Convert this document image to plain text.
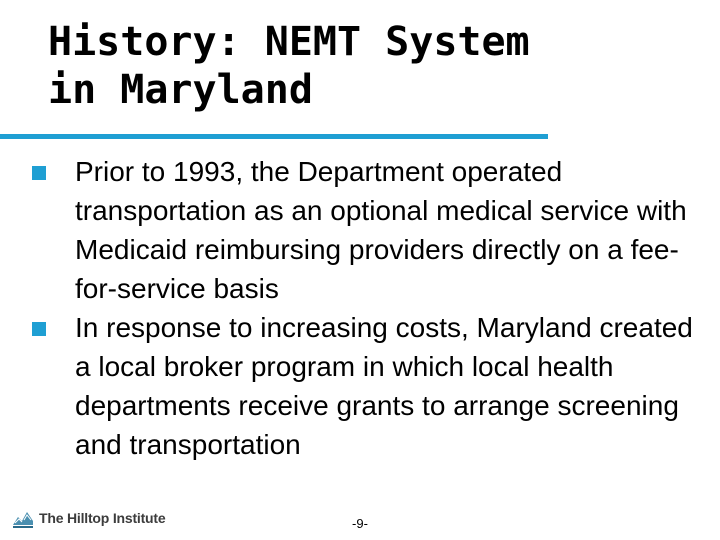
History: NEMT System
in Maryland
Prior to 1993, the Department operated transportation as an optional medical service with Medicaid reimbursing providers directly on a fee-for-service basis
In response to increasing costs, Maryland created a local broker program in which local health departments receive grants to arrange screening and transportation
The Hilltop Institute	-9-
